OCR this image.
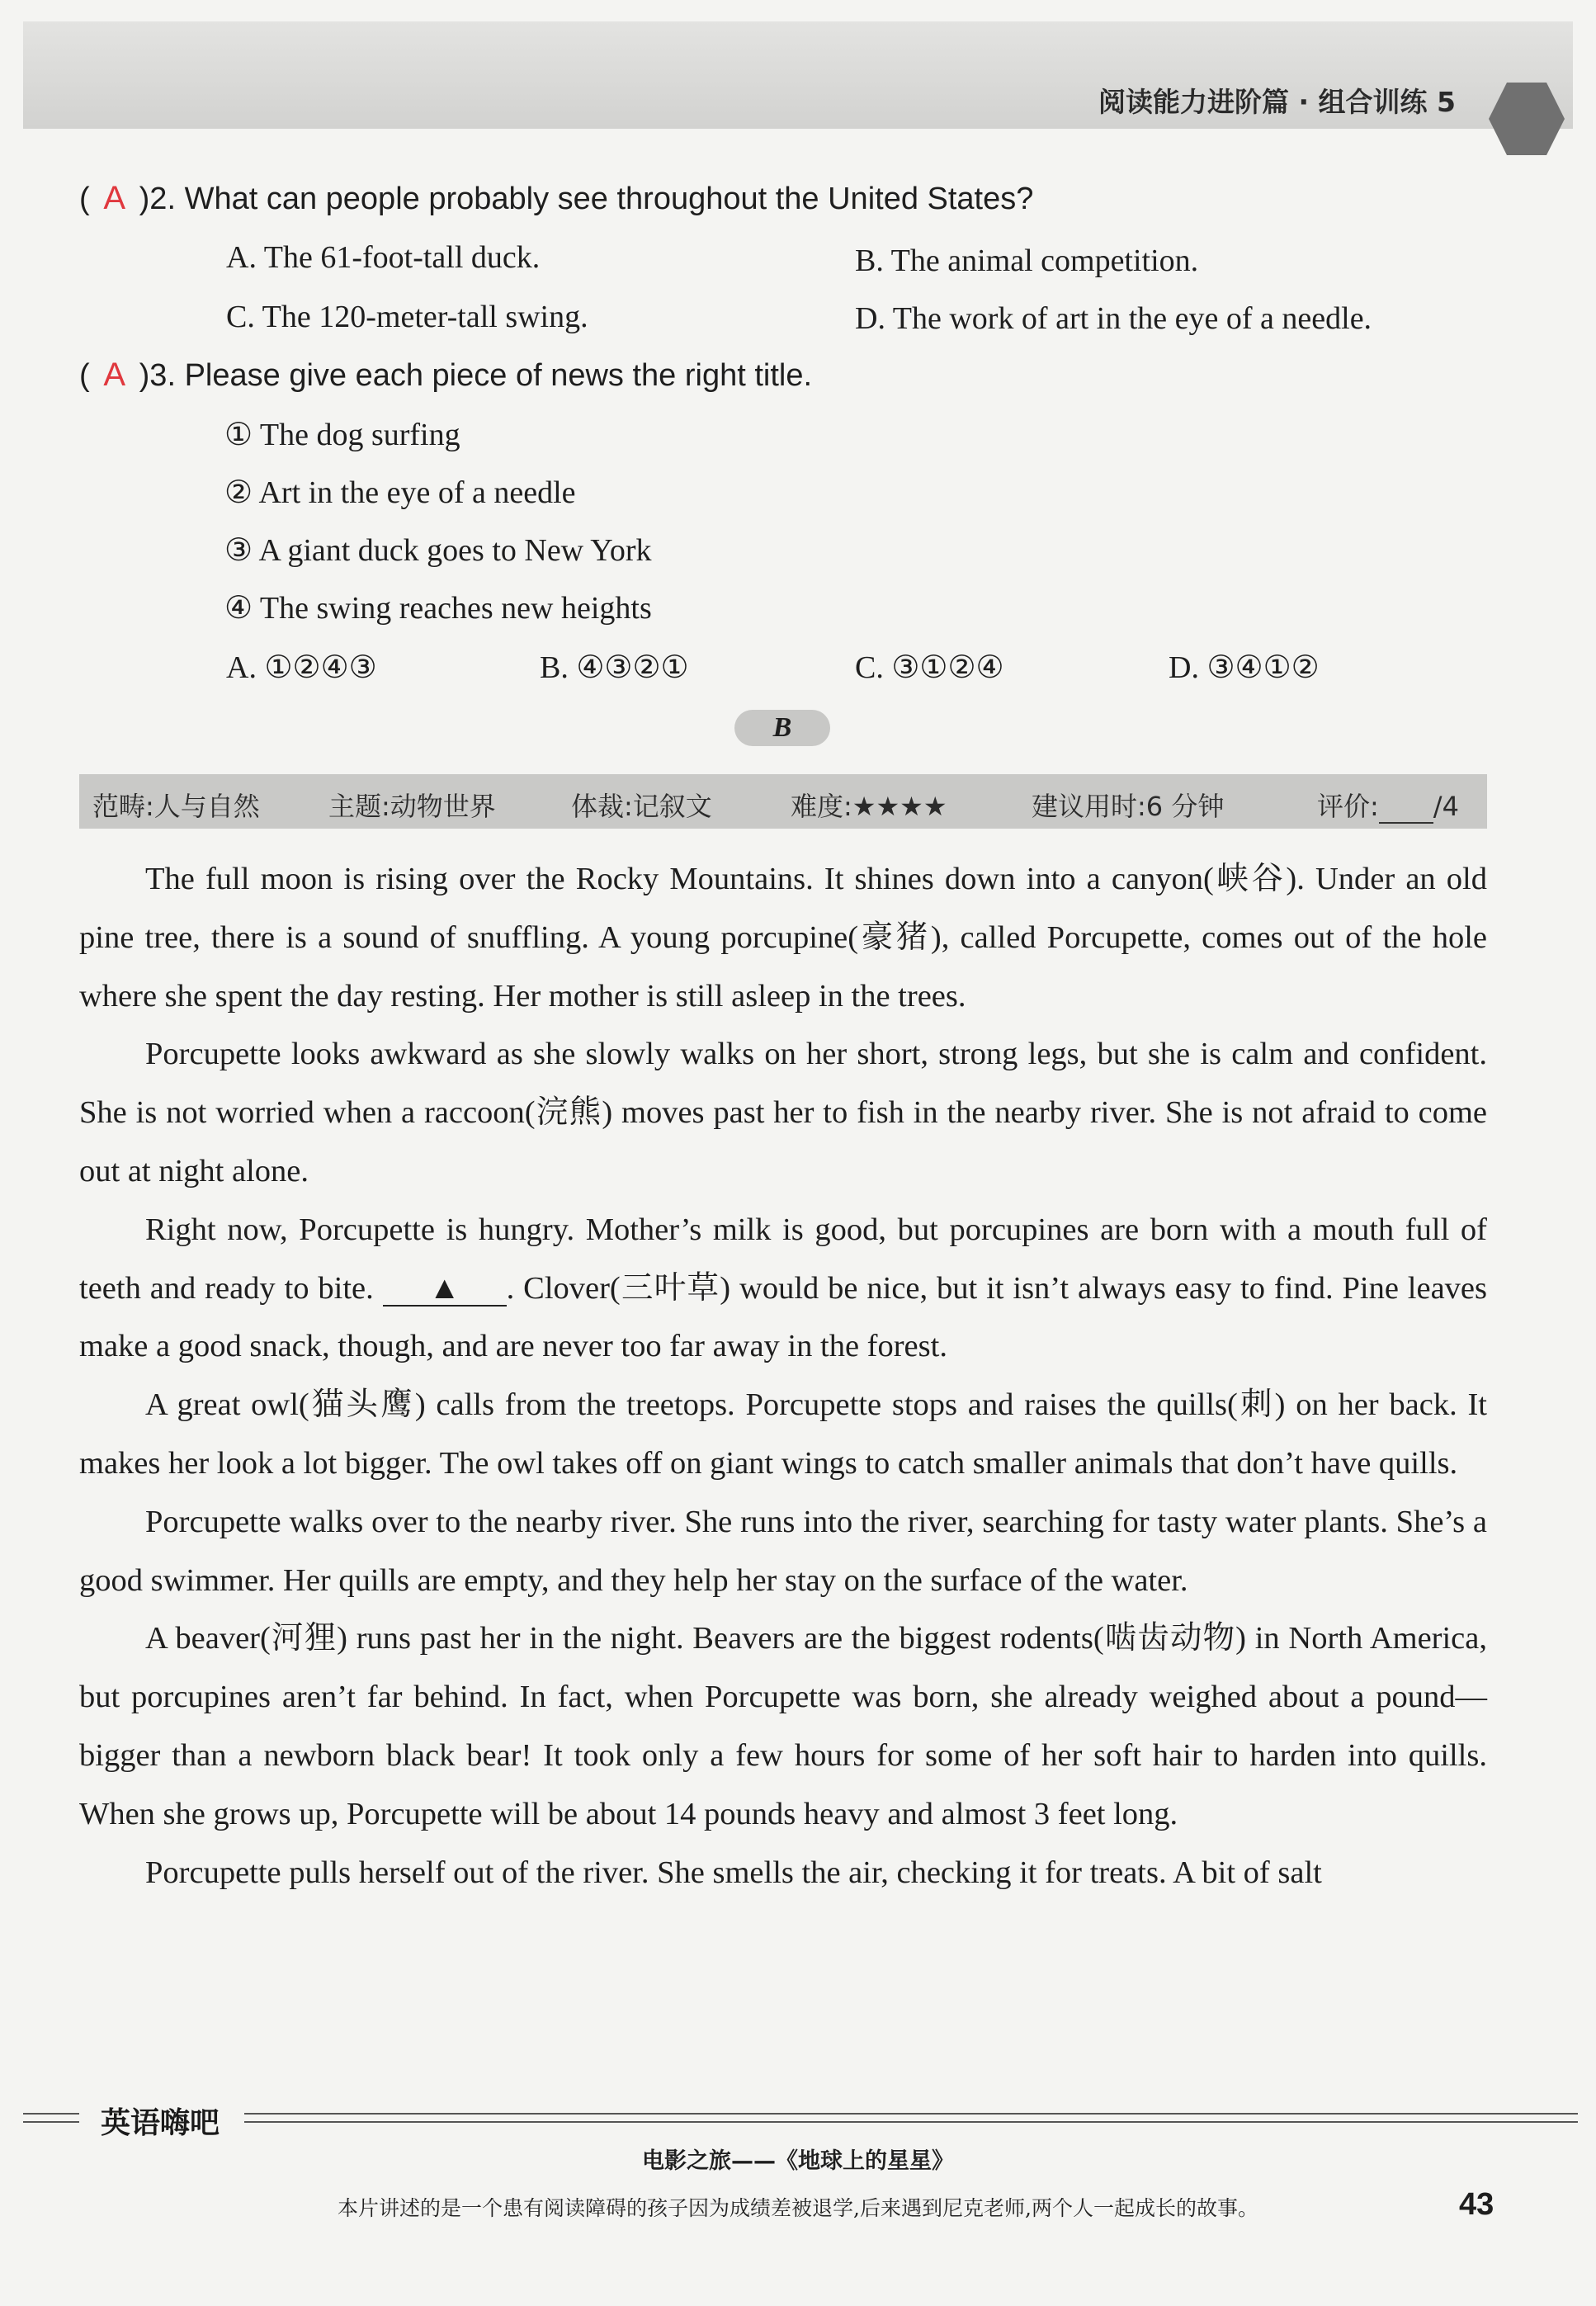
阅读能力进阶篇 · 组合训练 5
( A )2. What can people probably see throughout the United States?
A. The 61-foot-tall duck.	B. The animal competition.
C. The 120-meter-tall swing.	D. The work of art in the eye of a needle.
( A )3. Please give each piece of news the right title.
① The dog surfing
② Art in the eye of a needle
③ A giant duck goes to New York
④ The swing reaches new heights
A. ①②④③	B. ④③②①	C. ③①②④	D. ③④①②
B
范畴:人与自然	主题:动物世界	体裁:记叙文	难度:★★★★	建议用时:6 分钟	评价: /4

The full moon is rising over the Rocky Mountains. It shines down into a canyon(峡谷). Under an old pine tree, there is a sound of snuffling. A young porcupine(豪猪), called Porcupette, comes out of the hole where she spent the day resting. Her mother is still asleep in the trees.

Porcupette looks awkward as she slowly walks on her short, strong legs, but she is calm and confident. She is not worried when a raccoon(浣熊) moves past her to fish in the nearby river. She is not afraid to come out at night alone.

Right now, Porcupette is hungry. Mother’s milk is good, but porcupines are born with a mouth full of teeth and ready to bite. ▲ . Clover(三叶草) would be nice, but it isn’t always easy to find. Pine leaves make a good snack, though, and are never too far away in the forest.

A great owl(猫头鹰) calls from the treetops. Porcupette stops and raises the quills(刺) on her back. It makes her look a lot bigger. The owl takes off on giant wings to catch smaller animals that don’t have quills.

Porcupette walks over to the nearby river. She runs into the river, searching for tasty water plants. She’s a good swimmer. Her quills are empty, and they help her stay on the surface of the water.

A beaver(河狸) runs past her in the night. Beavers are the biggest rodents(啮齿动物) in North America, but porcupines aren’t far behind. In fact, when Porcupette was born, she already weighed about a pound—bigger than a newborn black bear! It took only a few hours for some of her soft hair to harden into quills. When she grows up, Porcupette will be about 14 pounds heavy and almost 3 feet long.

Porcupette pulls herself out of the river. She smells the air, checking it for treats. A bit of salt

英语嗨吧
电影之旅——《地球上的星星》
本片讲述的是一个患有阅读障碍的孩子因为成绩差被退学,后来遇到尼克老师,两个人一起成长的故事。	43
